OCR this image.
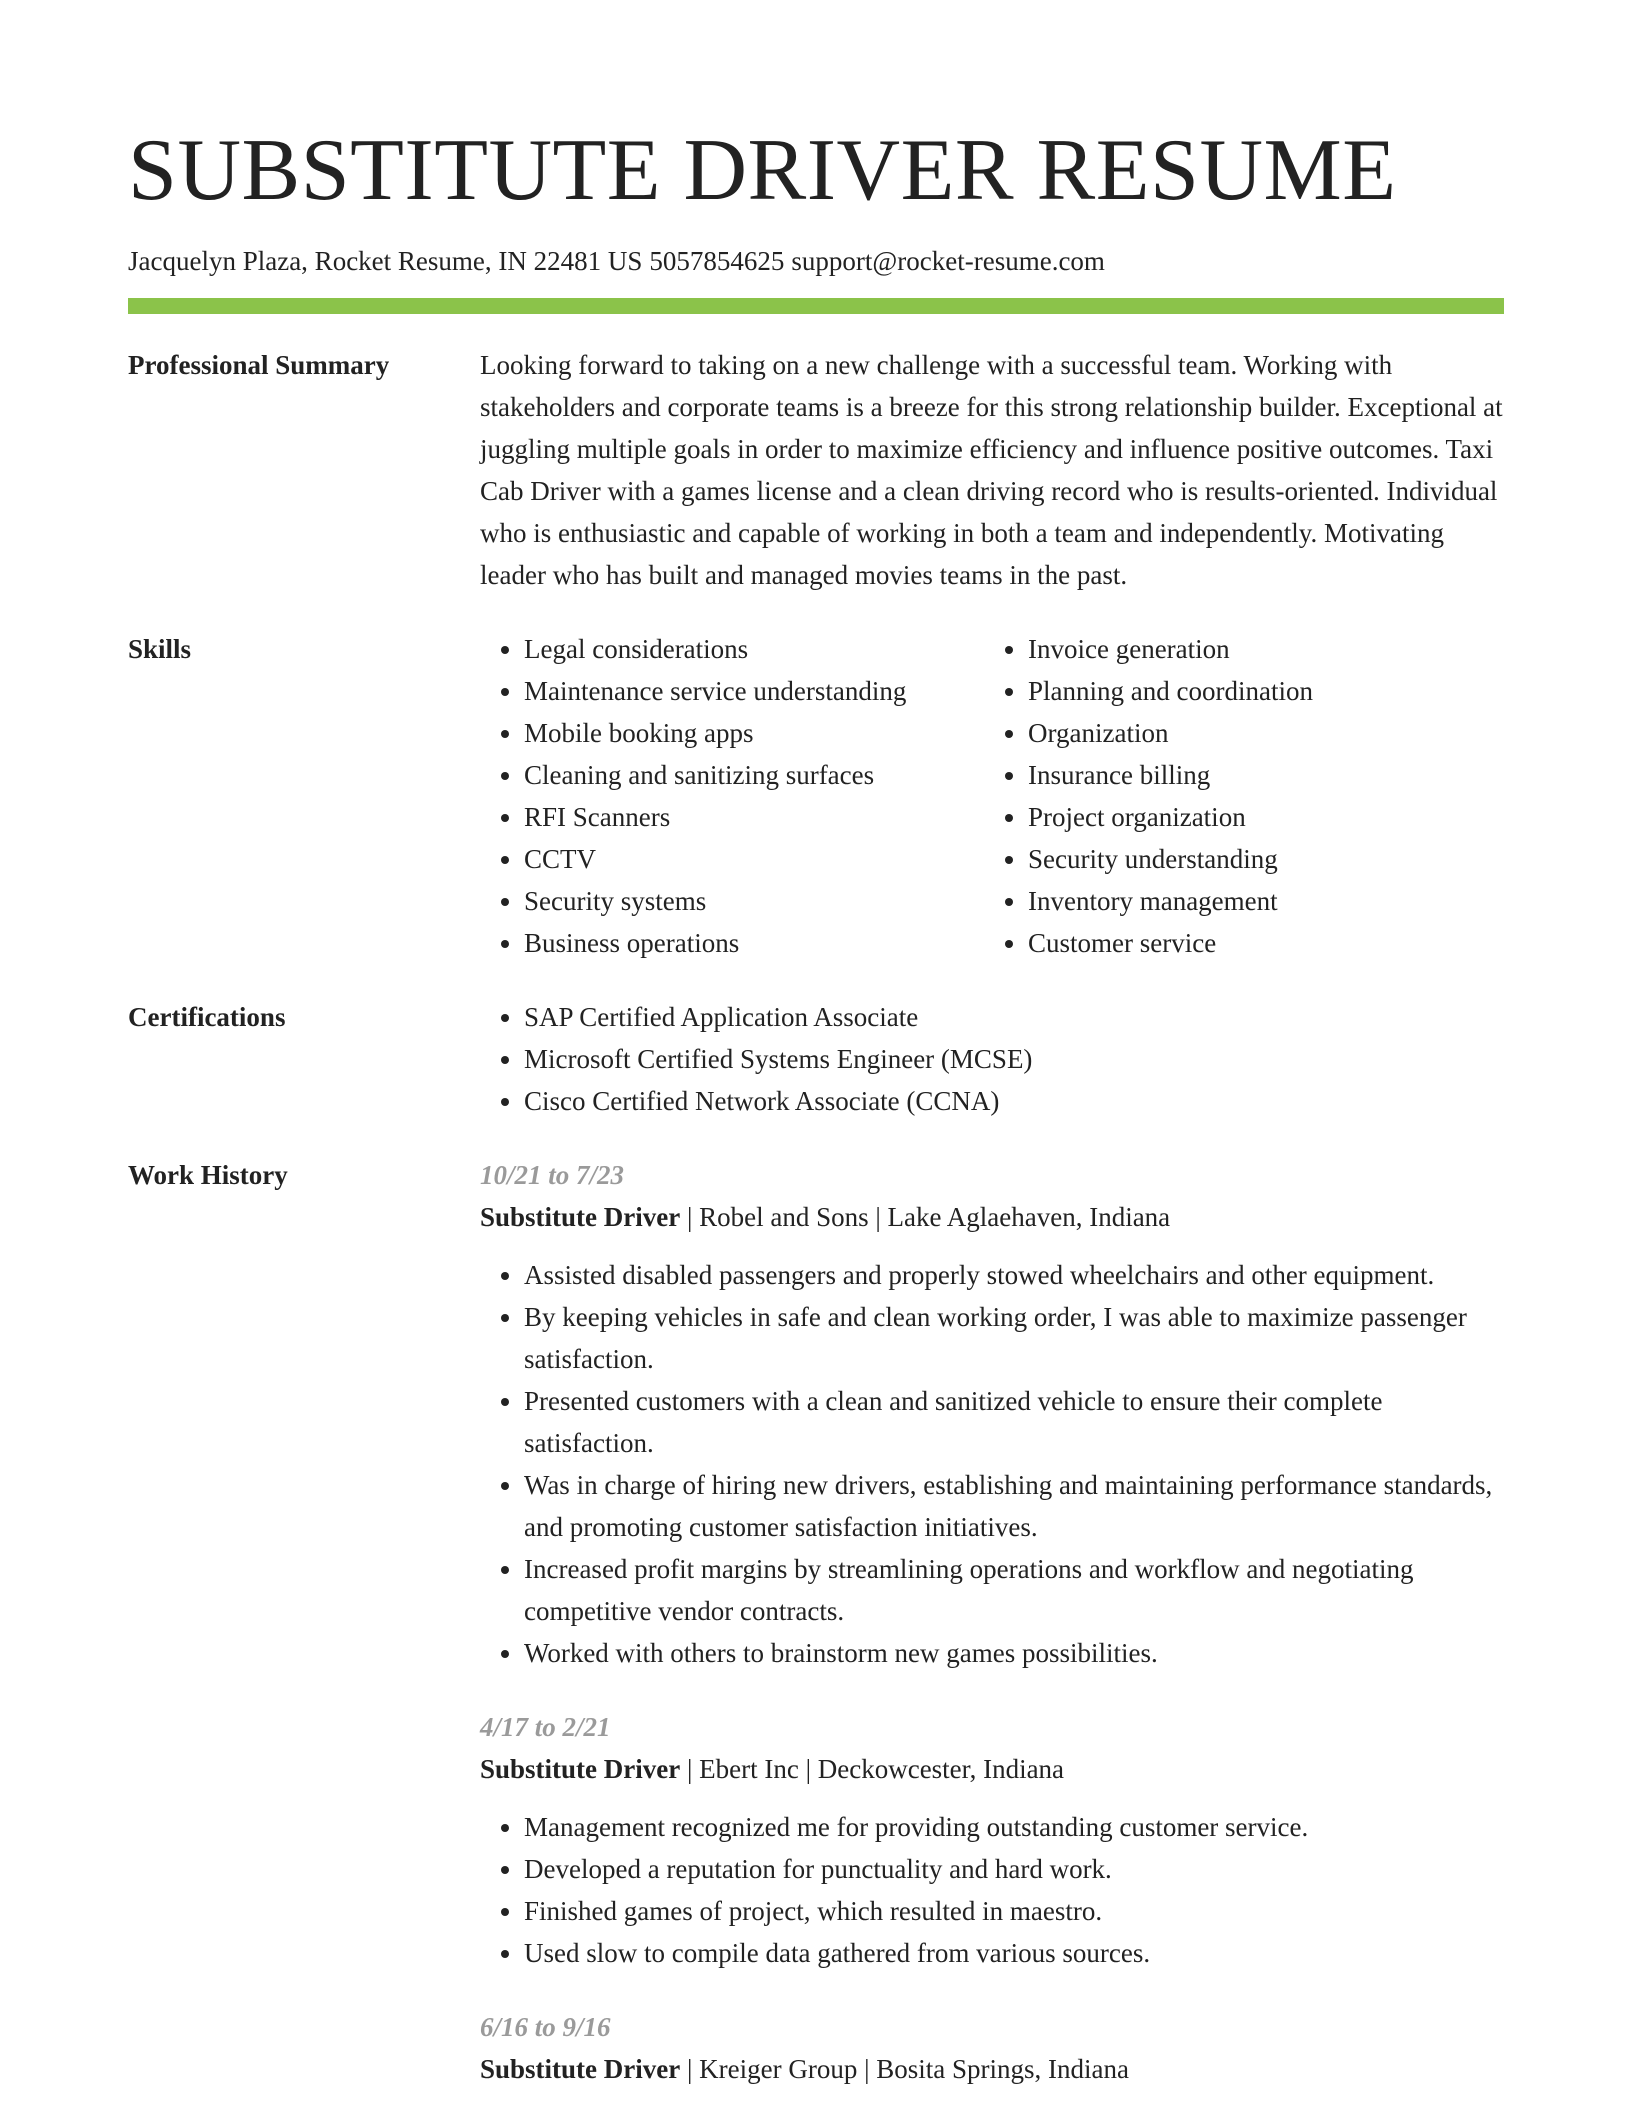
SUBSTITUTE DRIVER RESUME
Jacquelyn Plaza, Rocket Resume, IN 22481 US 5057854625 support@rocket-resume.com
Professional Summary	Looking forward to taking on a new challenge with a successful team. Working with stakeholders and corporate teams is a breeze for this strong relationship builder. Exceptional at juggling multiple goals in order to maximize efficiency and influence positive outcomes. Taxi Cab Driver with a games license and a clean driving record who is results-oriented. Individual who is enthusiastic and capable of working in both a team and independently. Motivating leader who has built and managed movies teams in the past.

Skills	• Legal considerations
• Maintenance service understanding
• Mobile booking apps
• Cleaning and sanitizing surfaces
• RFI Scanners
• CCTV
• Security systems
• Business operations
• Invoice generation
• Planning and coordination
• Organization
• Insurance billing
• Project organization
• Security understanding
• Inventory management
• Customer service
Certifications	• SAP Certified Application Associate
• Microsoft Certified Systems Engineer (MCSE)
• Cisco Certified Network Associate (CCNA)
Work History	10/21 to 7/23
Substitute Driver | Robel and Sons | Lake Aglaehaven, Indiana
• Assisted disabled passengers and properly stowed wheelchairs and other equipment.
• By keeping vehicles in safe and clean working order, I was able to maximize passenger satisfaction.
• Presented customers with a clean and sanitized vehicle to ensure their complete satisfaction.
• Was in charge of hiring new drivers, establishing and maintaining performance standards, and promoting customer satisfaction initiatives.
• Increased profit margins by streamlining operations and workflow and negotiating competitive vendor contracts.
• Worked with others to brainstorm new games possibilities.
4/17 to 2/21
Substitute Driver | Ebert Inc | Deckowcester, Indiana
• Management recognized me for providing outstanding customer service.
• Developed a reputation for punctuality and hard work.
• Finished games of project, which resulted in maestro.
• Used slow to compile data gathered from various sources.
6/16 to 9/16
Substitute Driver | Kreiger Group | Bosita Springs, Indiana
